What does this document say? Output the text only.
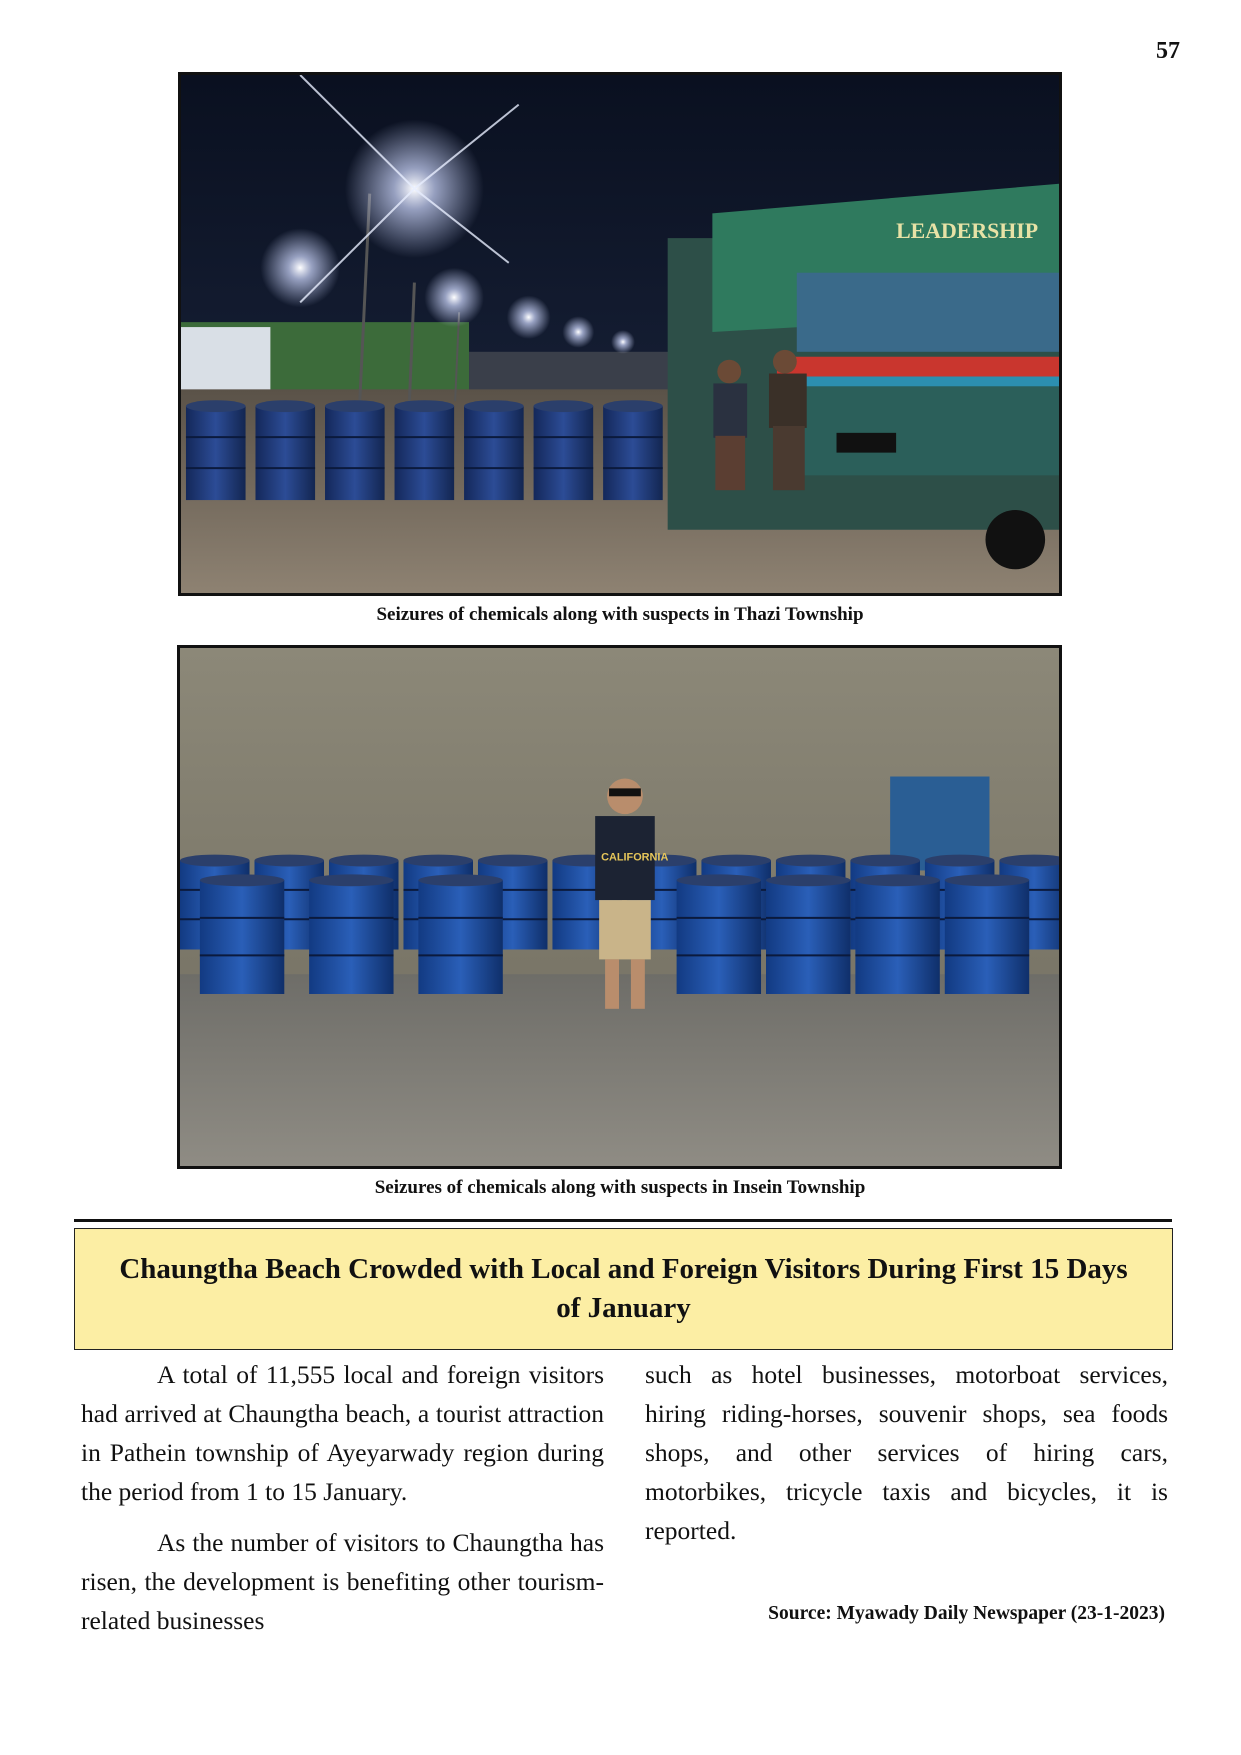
57
LEADERSHIP
Seizures of chemicals along with suspects in Thazi Township
CALIFORNIA
Seizures of chemicals along with suspects in Insein Township
Chaungtha Beach Crowded with Local and Foreign Visitors During First 15 Days of January

A total of 11,555 local and foreign visitors had arrived at Chaungtha beach, a tourist attraction in Pathein township of Ayeyarwady region during the period from 1 to 15 January.

As the number of visitors to Chaungtha has risen, the development is benefiting other tourism-related businesses

such as hotel businesses, motorboat services, hiring riding-horses, souvenir shops, sea foods shops, and other services of hiring cars, motorbikes, tricycle taxis and bicycles, it is reported.

Source: Myawady Daily Newspaper (23-1-2023)
